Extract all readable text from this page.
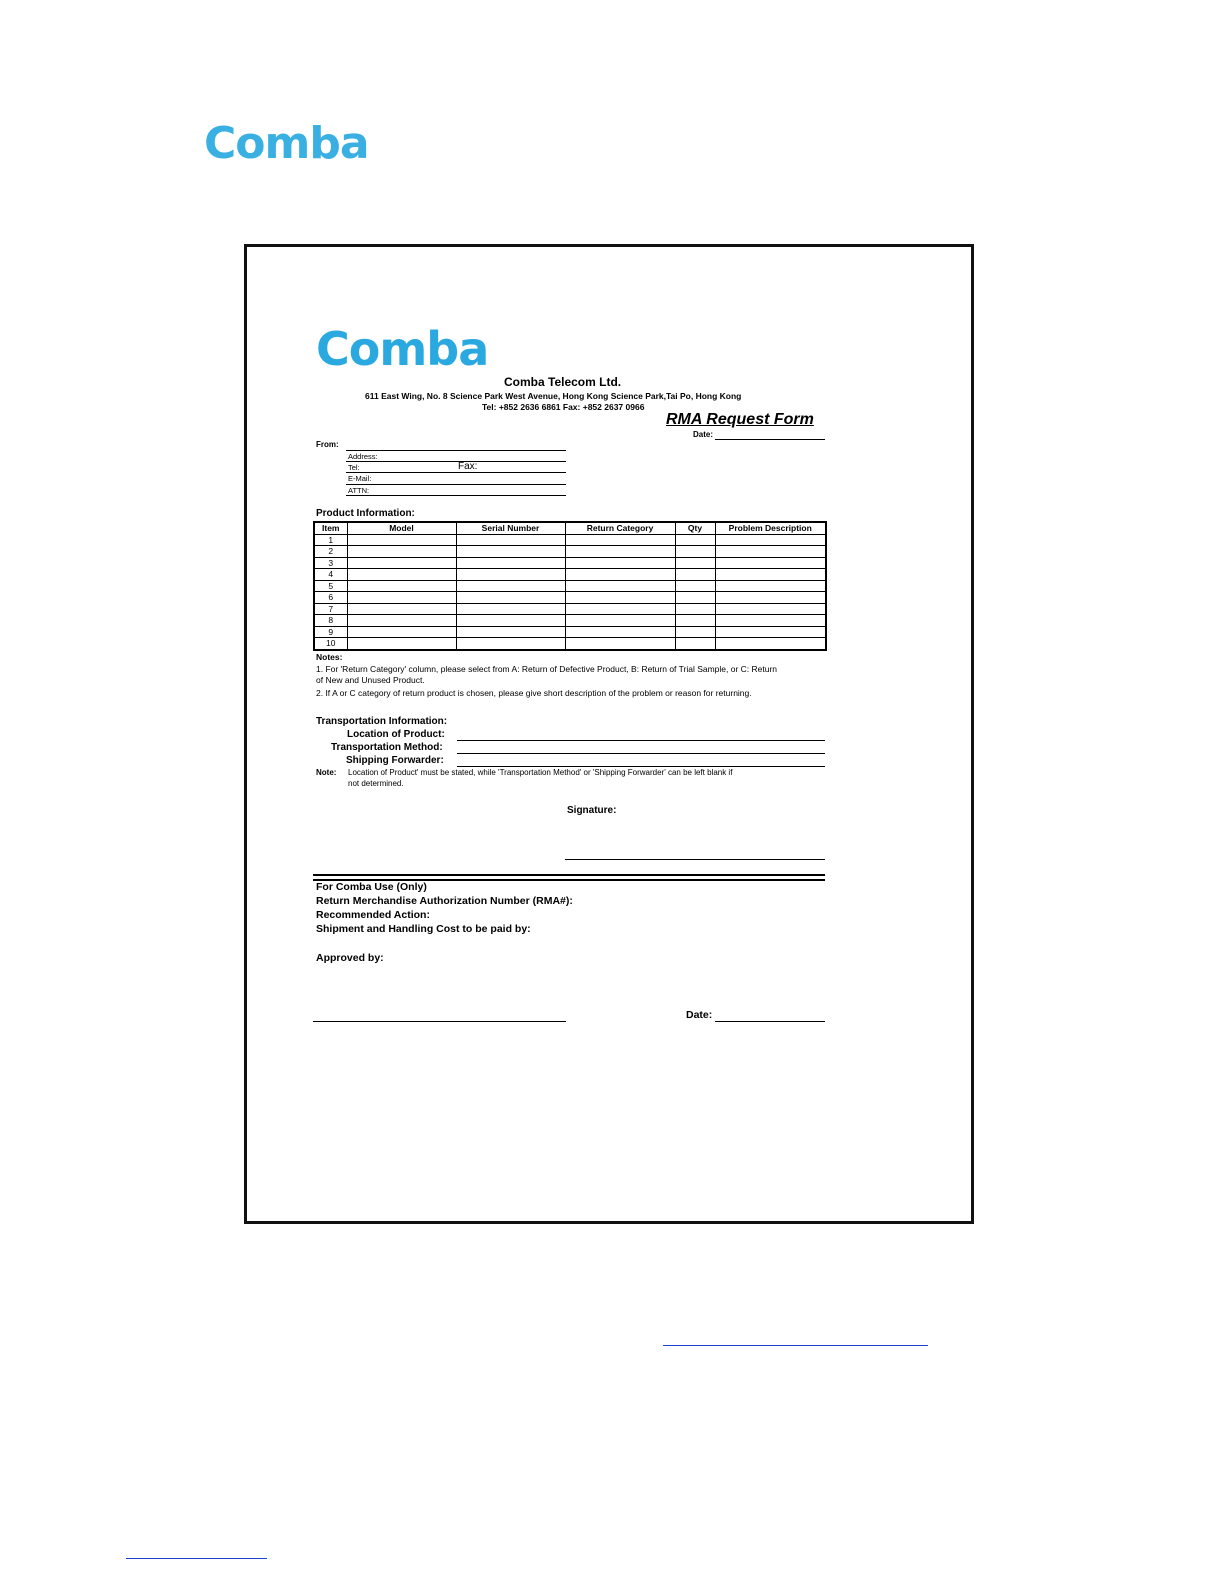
Comba
Comba
Comba Telecom Ltd.
611 East Wing, No. 8 Science Park West Avenue, Hong Kong Science Park,Tai Po, Hong Kong
Tel: +852 2636 6861 Fax: +852 2637 0966
RMA Request Form
Date:
From:
Address:
Tel:	Fax:
E-Mail:
ATTN:
Product Information:
Item	Model	Serial Number	Return Category	Qty	Problem Description
1					
2					
3					
4					
5					
6					
7					
8					
9					
10					
Notes:
1. For 'Return Category' column, please select from A: Return of Defective Product, B: Return of Trial Sample, or C: Return
of New and Unused Product.
2. If A or C category of return product is chosen, please give short description of the problem or reason for returning.
Transportation Information:
Location of Product:
Transportation Method:
Shipping Forwarder:
Note: Location of Product' must be stated, while 'Transportation Method' or 'Shipping Forwarder' can be left blank if
not determined.
Signature:
For Comba Use (Only)
Return Merchandise Authorization Number (RMA#):
Recommended Action:
Shipment and Handling Cost to be paid by:
Approved by:
Date:
